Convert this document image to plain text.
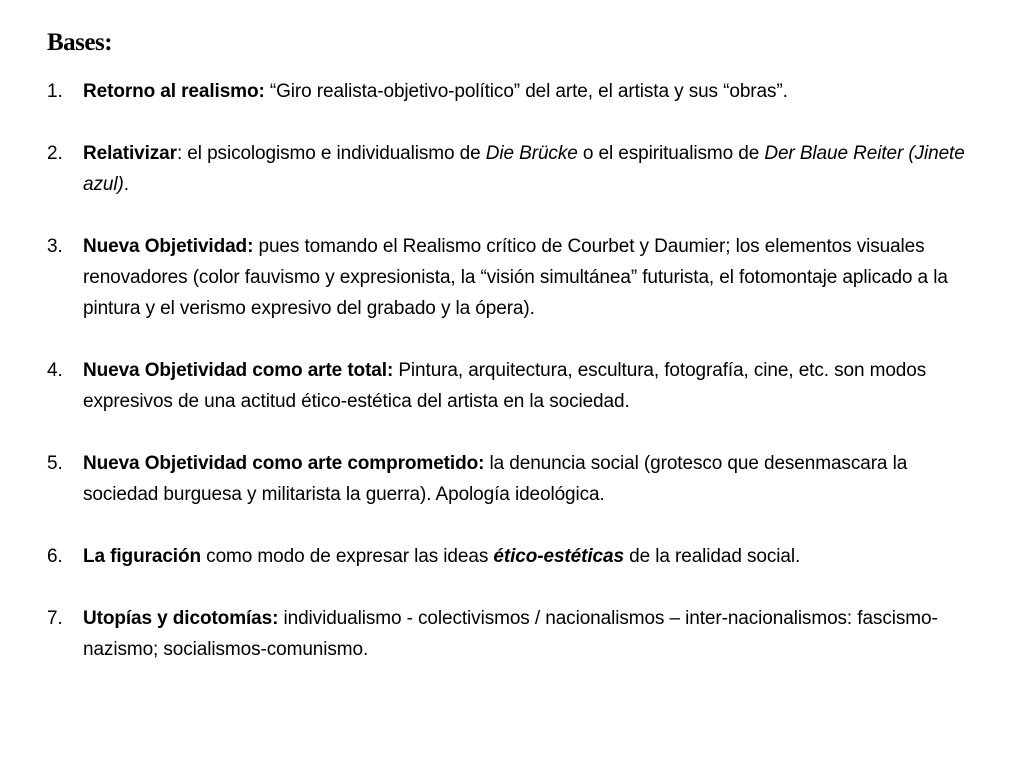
Bases:
1.	Retorno al realismo: “Giro realista-objetivo-político” del arte, el artista y sus “obras”.
2.	Relativizar: el psicologismo e individualismo de Die Brücke o el espiritualismo de Der Blaue Reiter (Jinete azul).
3.	Nueva Objetividad: pues tomando el Realismo crítico de Courbet y Daumier; los elementos visuales renovadores (color fauvismo y expresionista, la “visión simultánea” futurista, el fotomontaje aplicado a la pintura y el verismo expresivo del grabado y la ópera).
4.	Nueva Objetividad como arte total: Pintura, arquitectura, escultura, fotografía, cine, etc. son modos expresivos de una actitud ético-estética del artista en la sociedad.
5.	Nueva Objetividad como arte comprometido: la denuncia social (grotesco que desenmascara la sociedad burguesa y militarista la guerra). Apología ideológica.
6.	La figuración como modo de expresar las ideas ético-estéticas de la realidad social.
7.	Utopías y dicotomías: individualismo - colectivismos / nacionalismos – inter-nacionalismos: fascismo-nazismo; socialismos-comunismo.
